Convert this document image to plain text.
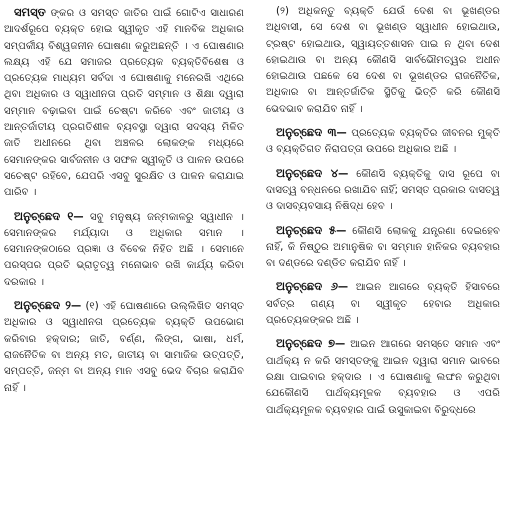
ସମସ୍ତ ଙ୍କର ଓ ସମସ୍ତ ଜାତିର ପାଇଁ ଗୋଟିଏ ସାଧାରଣ ଆଦର୍ଶରୂପେ ବ୍ୟକ୍ତ ହୋଇ ସ୍ୱୀକୃତ ଏହି ମାନବିକ ଅଧିକାର ସମ୍ପର୍କୀୟ ବିଶ୍ୱଜନୀନ ଘୋଷଣା କରୁଅଛନ୍ତି । ଏ ଘୋଷଣାର ଲକ୍ଷ୍ୟ ଏହି ଯେ ସମାଜର ପ୍ରତ୍ୟେକ ବ୍ୟକ୍ତିବିଶେଷ ଓ ପ୍ରତ୍ୟେକ ମାଧ୍ୟମ ସର୍ବଦା ଏ ଘୋଷଣାକୁ ମନେରଖି ଏଥିରେ ଥିବା ଅଧିକାର ଓ ସ୍ୱାଧୀନତା ପ୍ରତି ସମ୍ମାନ ଓ ଶିକ୍ଷା ଦ୍ୱାରା ସମ୍ମାନ ବଢ଼ାଇବା ପାଇଁ ଚେଷ୍ଟା କରିବେ ଏବଂ ଜାତୀୟ ଓ ଆନ୍ତର୍ଜାତୀୟ ପ୍ରଗତିଶୀଳ ବ୍ୟବସ୍ଥା ଦ୍ୱାରା ସଦସ୍ୟ ମିଳିତ ଜାତି ଅଧୀନରେ ଥିବା ଅଞ୍ଚଳର ଲୋକଙ୍କ ମଧ୍ୟରେ ସେମାନଙ୍କର ସାର୍ବଜନୀନ ଓ ସଫଳ ସ୍ୱୀକୃତି ଓ ପାଳନ ଉପରେ ସଚେଷ୍ଟ ରହିବେ, ଯେପରି ଏସବୁ ସୁରକ୍ଷିତ ଓ ପାଳନ କରାଯାଇ ପାରିବ ।

ଅନୁଚ୍ଛେଦ ୧— ସବୁ ମନୁଷ୍ୟ ଜନ୍ମକାଳରୁ ସ୍ୱାଧୀନ । ସେମାନଙ୍କର ମର୍ଯ୍ୟାଦା ଓ ଅଧିକାର ସମାନ । ସେମାନଙ୍କଠାରେ ପ୍ରଜ୍ଞା ଓ ବିବେକ ନିହିତ ଅଛି । ସେମାନେ ପରସ୍ପର ପ୍ରତି ଭ୍ରାତୃତ୍ୱ ମନୋଭାବ ରଖି କାର୍ଯ୍ୟ କରିବା ଦରକାର ।

ଅନୁଚ୍ଛେଦ ୨— (୧) ଏହି ଘୋଷଣାରେ ଉଲ୍ଲିଖିତ ସମସ୍ତ ଅଧିକାର ଓ ସ୍ୱାଧୀନତା ପ୍ରତ୍ୟେକ ବ୍ୟକ୍ତି ଉପଭୋଗ କରିବାର ହକ୍‌ଦାର; ଜାତି, ବର୍ଣ୍ଣ, ଲିଙ୍ଗ, ଭାଷା, ଧର୍ମ, ରାଜନୈତିକ ବା ଅନ୍ୟ ମତ, ଜାତୀୟ ବା ସାମାଜିକ ଉତ୍ପତ୍ତି, ସମ୍ପତ୍ତି, ଜନ୍ମ ବା ଅନ୍ୟ ମାନ ଏସବୁ ଭେଦ ବିଚାର କରାଯିବ ନାହିଁ ।

(୨) ଅଧିକନ୍ତୁ ବ୍ୟକ୍ତି ଯେଉଁ ଦେଶ ବା ଭୂଖଣ୍ଡର ଅଧିବାସୀ, ସେ ଦେଶ ବା ଭୂଖଣ୍ଡ ସ୍ୱାଧୀନ ହୋଇଥାଉ, ଟ୍ରଷ୍ଟ ହୋଇଥାଉ, ସ୍ୱାୟତ୍ତଶାସନ ପାଇ ନ ଥିବା ଦେଶ ହୋଇଥାଉ ବା ଅନ୍ୟ କୌଣସି ସାର୍ବଭୌମତ୍ୱର ଅଧୀନ ହୋଇଥାଉ ପଛକେ ସେ ଦେଶ ବା ଭୂଖଣ୍ଡର ରାଜନୈତିକ, ଅଧିକାର ବା ଆନ୍ତର୍ଜାତିକ ସ୍ଥିତିକୁ ଭିତ୍ତି କରି କୌଣସି ଭେଦଭାବ କରାଯିବ ନାହିଁ ।

ଅନୁଚ୍ଛେଦ ୩— ପ୍ରତ୍ୟେକ ବ୍ୟକ୍ତିର ଜୀବନର ମୁକ୍ତି ଓ ବ୍ୟକ୍ତିଗତ ନିରାପତ୍ତା ଉପରେ ଅଧିକାର ଅଛି ।

ଅନୁଚ୍ଛେଦ ୪— କୌଣସି ବ୍ୟକ୍ତିକୁ ଦାସ ରୂପେ ବା ଦାସତ୍ୱ ବନ୍ଧନରେ ରଖାଯିବ ନାହିଁ; ସମସ୍ତ ପ୍ରକାର ଦାସତ୍ୱ ଓ ଦାସବ୍ୟବସାୟ ନିଷିଦ୍ଧ ହେବ ।

ଅନୁଚ୍ଛେଦ ୫— କୌଣସି ଲୋକକୁ ଯନ୍ତ୍ରଣା ଦେଇହେବ ନାହିଁ, କି ନିଷ୍ଠୁର ଅମାନୁଷିକ ବା ସମ୍ମାନ ହାନିକର ବ୍ୟବହାର ବା ଦଣ୍ଡରେ ଦଣ୍ଡିତ କରାଯିବ ନାହିଁ ।

ଅନୁଚ୍ଛେଦ ୬— ଆଇନ ଆଗରେ ବ୍ୟକ୍ତି ହିସାବରେ ସର୍ବତ୍ର ଗଣ୍ୟ ବା ସ୍ୱୀକୃତ ହେବାର ଅଧିକାର ପ୍ରତ୍ୟେକଙ୍କର ଅଛି ।

ଅନୁଚ୍ଛେଦ ୭— ଆଇନ ଆଗରେ ସମସ୍ତେ ସମାନ ଏବଂ ପାର୍ଥକ୍ୟ ନ କରି ସମସ୍ତଙ୍କୁ ଆଇନ ଦ୍ୱାରା ସମାନ ଭାବରେ ରକ୍ଷା ପାଇବାର ହକ୍‌ଦାର । ଏ ଘୋଷଣାକୁ ଲଙ୍ଘନ କରୁଥିବା ଯେକୌଣସି ପାର୍ଥକ୍ୟମୂଳକ ବ୍ୟବହାର ଓ ଏପରି ପାର୍ଥକ୍ୟମୂଳକ ବ୍ୟବହାର ପାଇଁ ଉସୁକାଇବା ବିରୁଦ୍ଧରେ
